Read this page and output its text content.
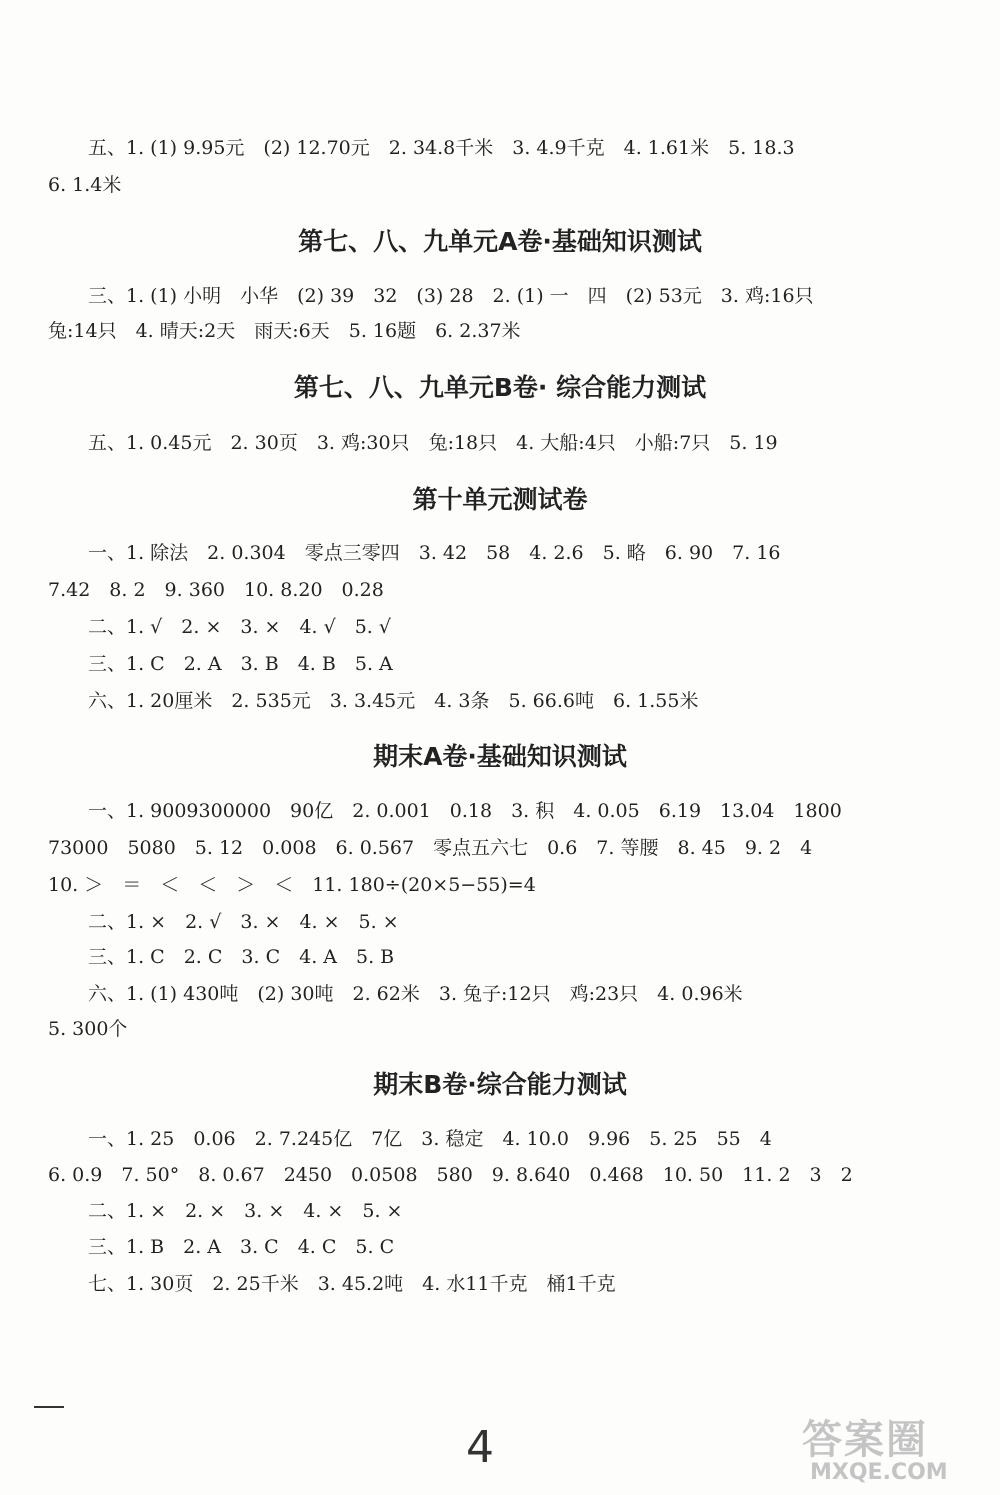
五、1. (1) 9.95元　(2) 12.70元　2. 34.8千米　3. 4.9千克　4. 1.61米　5. 18.3
6. 1.4米
第七、八、九单元A卷·基础知识测试
三、1. (1) 小明　小华　(2) 39　32　(3) 28　2. (1) 一　四　(2) 53元　3. 鸡:16只
兔:14只　4. 晴天:2天　雨天:6天　5. 16题　6. 2.37米
第七、八、九单元B卷· 综合能力测试
五、1. 0.45元　2. 30页　3. 鸡:30只　兔:18只　4. 大船:4只　小船:7只　5. 19
第十单元测试卷
一、1. 除法　2. 0.304　零点三零四　3. 42　58　4. 2.6　5. 略　6. 90　7. 16
7.42　8. 2　9. 360　10. 8.20　0.28
二、1. √　2. ×　3. ×　4. √　5. √
三、1. C　2. A　3. B　4. B　5. A
六、1. 20厘米　2. 535元　3. 3.45元　4. 3条　5. 66.6吨　6. 1.55米
期末A卷·基础知识测试
一、1. 9009300000　90亿　2. 0.001　0.18　3. 积　4. 0.05　6.19　13.04　1800
73000　5080　5. 12　0.008　6. 0.567　零点五六七　0.6　7. 等腰　8. 45　9. 2　4
10. ＞　＝　＜　＜　＞　＜　11. 180÷(20×5−55)=4
二、1. ×　2. √　3. ×　4. ×　5. ×
三、1. C　2. C　3. C　4. A　5. B
六、1. (1) 430吨　(2) 30吨　2. 62米　3. 兔子:12只　鸡:23只　4. 0.96米
5. 300个
期末B卷·综合能力测试
一、1. 25　0.06　2. 7.245亿　7亿　3. 稳定　4. 10.0　9.96　5. 25　55　4
6. 0.9　7. 50°　8. 0.67　2450　0.0508　580　9. 8.640　0.468　10. 50　11. 2　3　2
二、1. ×　2. ×　3. ×　4. ×　5. ×
三、1. B　2. A　3. C　4. C　5. C
七、1. 30页　2. 25千米　3. 45.2吨　4. 水11千克　桶1千克
4	答案圈
MXQE.COM
